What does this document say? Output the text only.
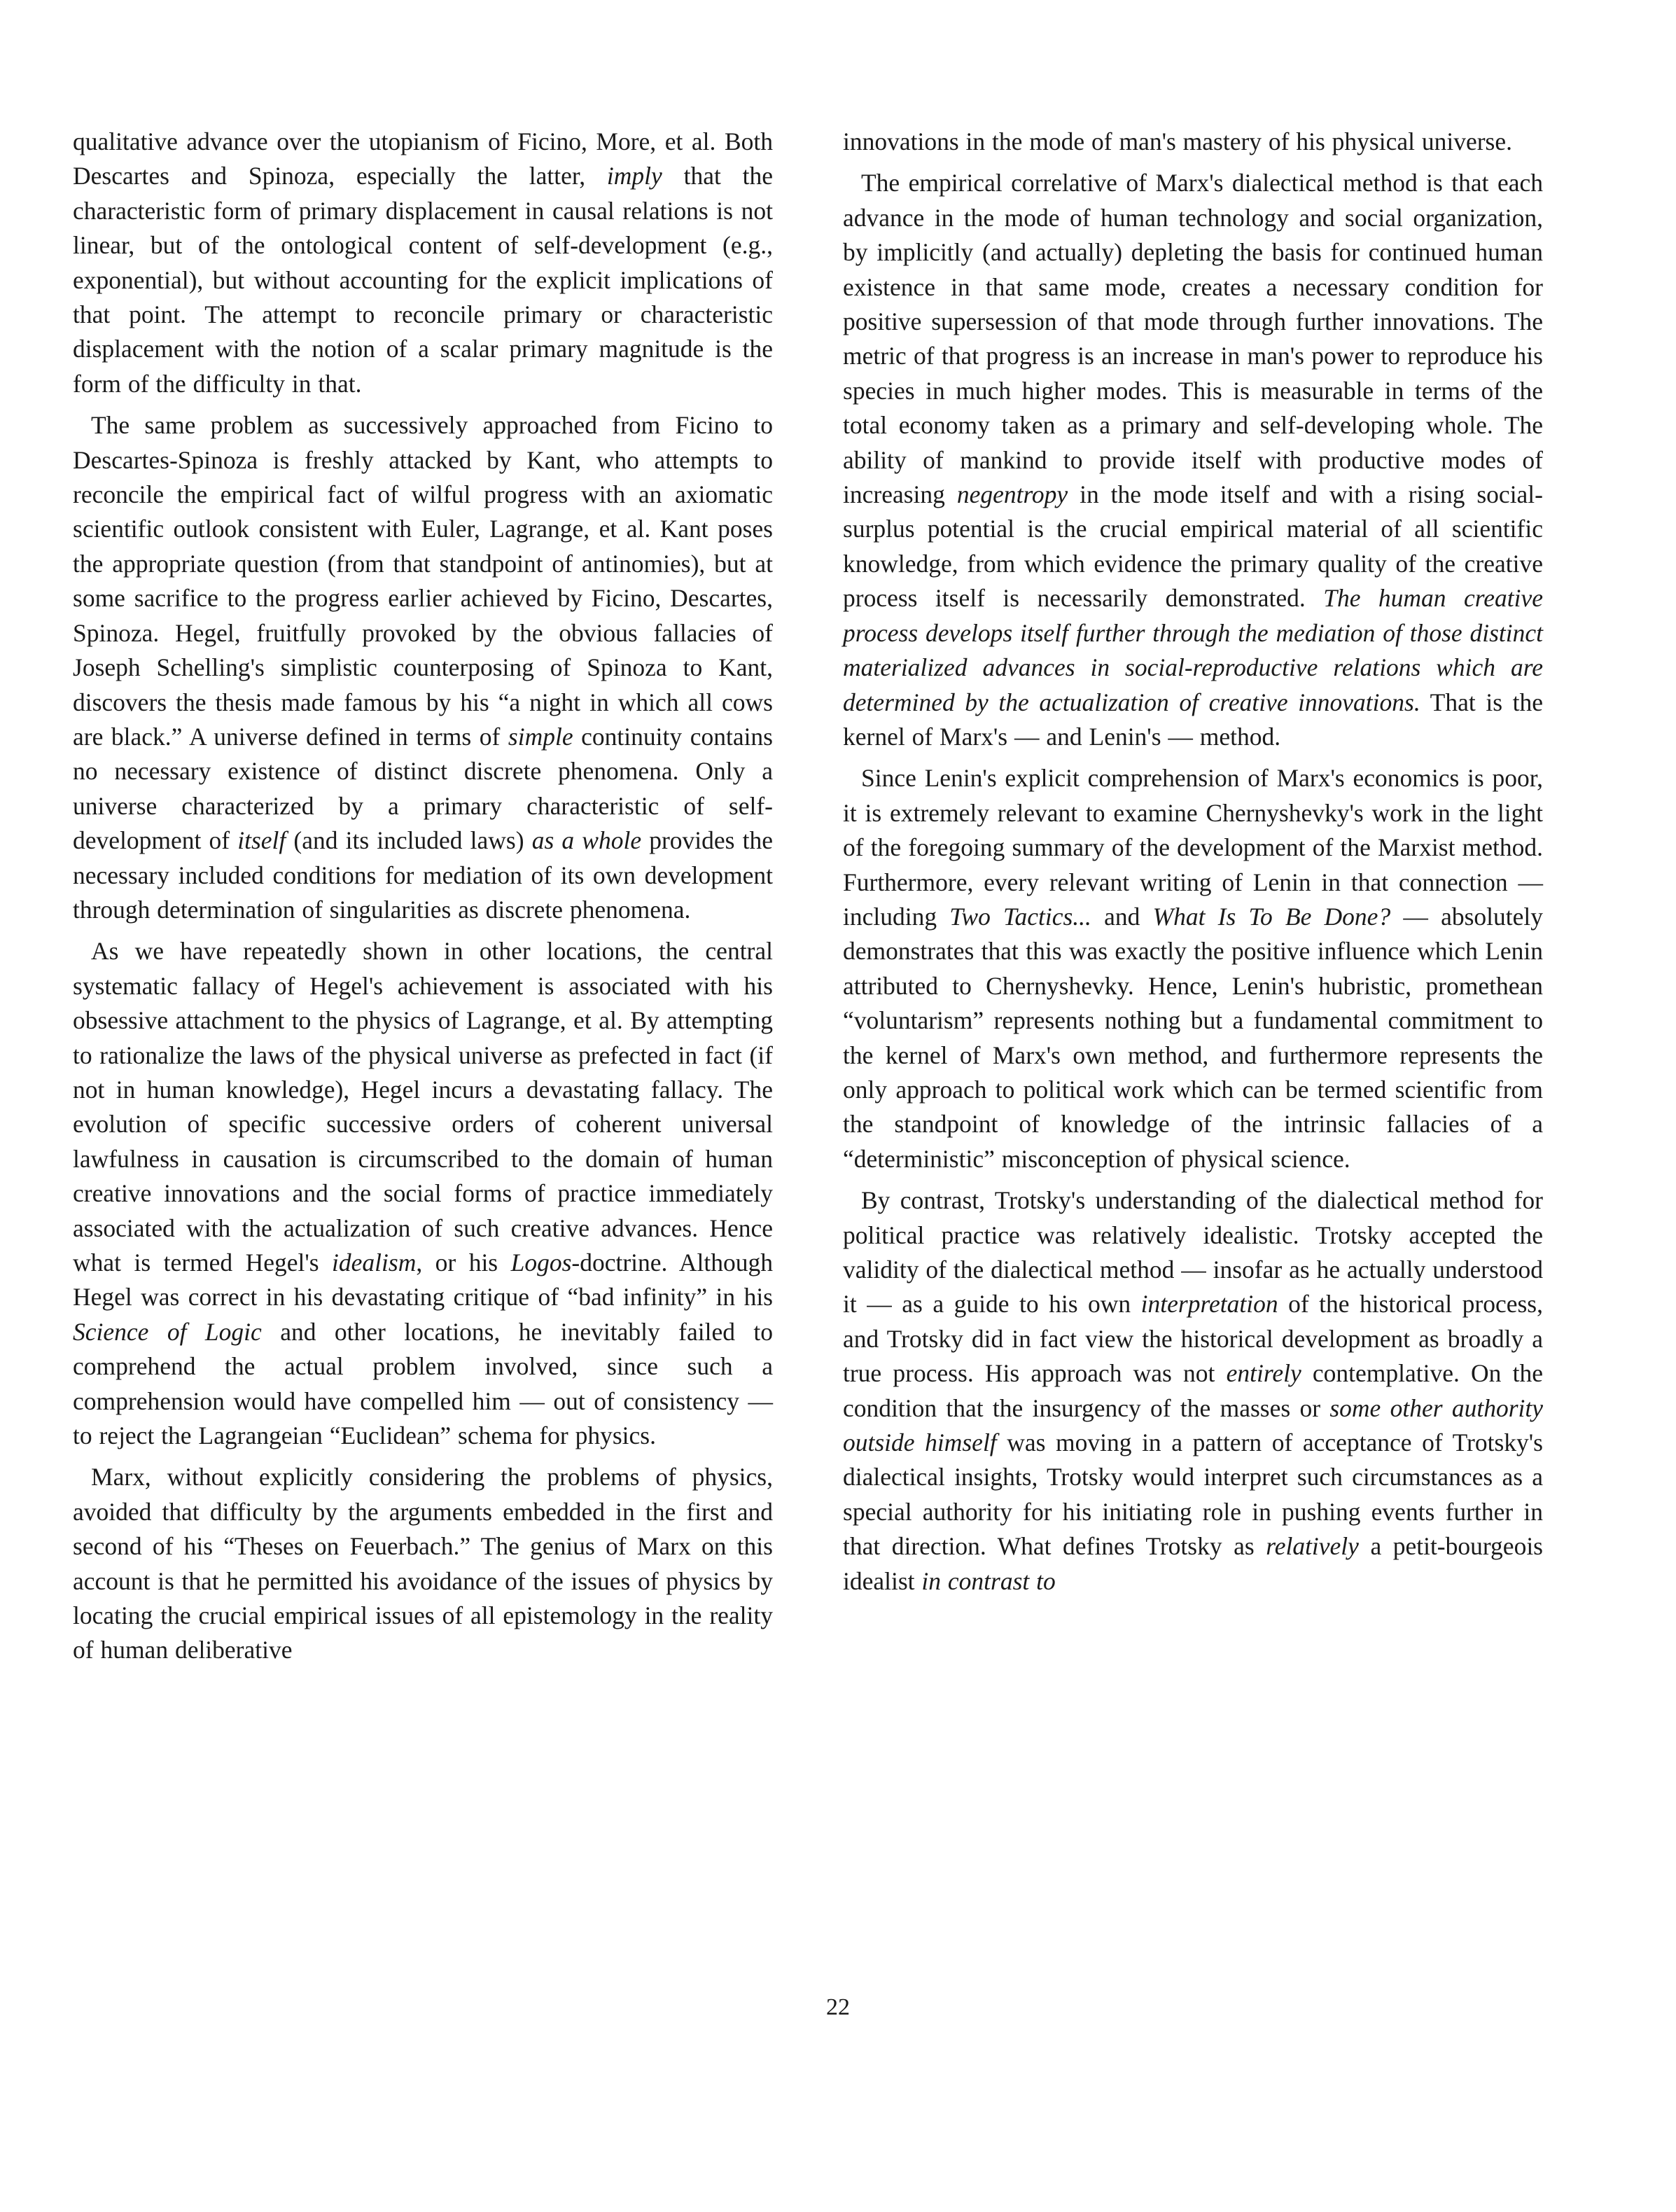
qualitative advance over the utopianism of Ficino, More, et al. Both Descartes and Spinoza, especially the latter, imply that the characteristic form of primary displacement in causal relations is not linear, but of the ontological content of self-development (e.g., exponential), but without accounting for the explicit implications of that point. The attempt to reconcile primary or characteristic displacement with the notion of a scalar primary magnitude is the form of the difficulty in that.

The same problem as successively approached from Ficino to Descartes-Spinoza is freshly attacked by Kant, who attempts to reconcile the empirical fact of wilful progress with an axiomatic scientific outlook consistent with Euler, Lagrange, et al. Kant poses the appropriate question (from that standpoint of antinomies), but at some sacrifice to the progress earlier achieved by Ficino, Descartes, Spinoza. Hegel, fruitfully provoked by the obvious fallacies of Joseph Schelling's simplistic counterposing of Spinoza to Kant, discovers the thesis made famous by his “a night in which all cows are black.” A universe defined in terms of simple continuity contains no necessary existence of distinct discrete phenomena. Only a universe characterized by a primary characteristic of self-development of itself (and its included laws) as a whole provides the necessary included conditions for mediation of its own development through determination of singularities as discrete phenomena.

As we have repeatedly shown in other locations, the central systematic fallacy of Hegel's achievement is associated with his obsessive attachment to the physics of Lagrange, et al. By attempting to rationalize the laws of the physical universe as prefected in fact (if not in human knowledge), Hegel incurs a devastating fallacy. The evolution of specific successive orders of coherent universal lawfulness in causation is circumscribed to the domain of human creative innovations and the social forms of practice immediately associated with the actualization of such creative advances. Hence what is termed Hegel's idealism, or his Logos-doctrine. Although Hegel was correct in his devastating critique of “bad infinity” in his Science of Logic and other locations, he inevitably failed to comprehend the actual problem involved, since such a comprehension would have compelled him — out of consistency — to reject the Lagrangeian “Euclidean” schema for physics.

Marx, without explicitly considering the problems of physics, avoided that difficulty by the arguments embedded in the first and second of his “Theses on Feuerbach.” The genius of Marx on this account is that he permitted his avoidance of the issues of physics by locating the crucial empirical issues of all epistemology in the reality of human deliberative

innovations in the mode of man's mastery of his physical universe.

The empirical correlative of Marx's dialectical method is that each advance in the mode of human technology and social organization, by implicitly (and actually) depleting the basis for continued human existence in that same mode, creates a necessary condition for positive supersession of that mode through further innovations. The metric of that progress is an increase in man's power to reproduce his species in much higher modes. This is measurable in terms of the total economy taken as a primary and self-developing whole. The ability of mankind to provide itself with productive modes of increasing negentropy in the mode itself and with a rising social-surplus potential is the crucial empirical material of all scientific knowledge, from which evidence the primary quality of the creative process itself is necessarily demonstrated. The human creative process develops itself further through the mediation of those distinct materialized advances in social-reproductive relations which are determined by the actualization of creative innovations. That is the kernel of Marx's — and Lenin's — method.

Since Lenin's explicit comprehension of Marx's economics is poor, it is extremely relevant to examine Chernyshevky's work in the light of the foregoing summary of the development of the Marxist method. Furthermore, every relevant writing of Lenin in that connection — including Two Tactics... and What Is To Be Done? — absolutely demonstrates that this was exactly the positive influence which Lenin attributed to Chernyshevky. Hence, Lenin's hubristic, promethean “voluntarism” represents nothing but a fundamental commitment to the kernel of Marx's own method, and furthermore represents the only approach to political work which can be termed scientific from the standpoint of knowledge of the intrinsic fallacies of a “deterministic” misconception of physical science.

By contrast, Trotsky's understanding of the dialectical method for political practice was relatively idealistic. Trotsky accepted the validity of the dialectical method — insofar as he actually understood it — as a guide to his own interpretation of the historical process, and Trotsky did in fact view the historical development as broadly a true process. His approach was not entirely contemplative. On the condition that the insurgency of the masses or some other authority outside himself was moving in a pattern of acceptance of Trotsky's dialectical insights, Trotsky would interpret such circumstances as a special authority for his initiating role in pushing events further in that direction. What defines Trotsky as relatively a petit-bourgeois idealist in contrast to

22
